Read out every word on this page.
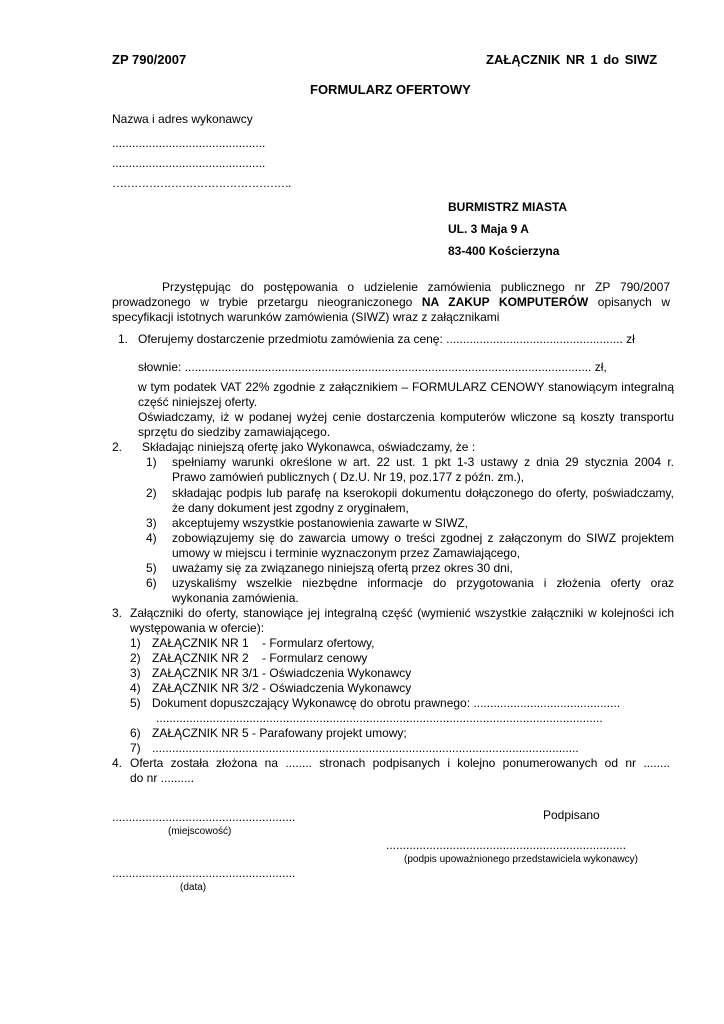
ZP 790/2007	ZAŁĄCZNIK NR 1 do SIWZ
FORMULARZ OFERTOWY
Nazwa i adres wykonawcy
..............................................
..............................................
………………………………………….
BURMISTRZ MIASTA
UL. 3 Maja 9 A
83-400 Kościerzyna
Przystępując do postępowania o udzielenie zamówienia publicznego nr ZP 790/2007
prowadzonego w trybie przetargu nieograniczonego NA ZAKUP KOMPUTERÓW opisanych w
specyfikacji istotnych warunków zamówienia (SIWZ) wraz z załącznikami
1. Oferujemy dostarczenie przedmiotu zamówienia za cenę: ..................................................... zł
słownie: .......................................................................................................................... zł,
w tym podatek VAT 22% zgodnie z załącznikiem – FORMULARZ CENOWY stanowiącym integralną
część niniejszej oferty.
Oświadczamy, iż w podanej wyżej cenie dostarczenia komputerów wliczone są koszty transportu
sprzętu do siedziby zamawiającego.
2. Składając niniejszą ofertę jako Wykonawca, oświadczamy, że :
1) spełniamy warunki określone w art. 22 ust. 1 pkt 1-3 ustawy z dnia 29 stycznia 2004 r.
Prawo zamówień publicznych ( Dz.U. Nr 19, poz.177 z późn. zm.),
2) składając podpis lub parafę na kserokopii dokumentu dołączonego do oferty, poświadczamy,
że dany dokument jest zgodny z oryginałem,
3) akceptujemy wszystkie postanowienia zawarte w SIWZ,
4) zobowiązujemy się do zawarcia umowy o treści zgodnej z załączonym do SIWZ projektem
umowy w miejscu i terminie wyznaczonym przez Zamawiającego,
5) uważamy się za związanego niniejszą ofertą przez okres 30 dni,
6) uzyskaliśmy wszelkie niezbędne informacje do przygotowania i złożenia oferty oraz
wykonania zamówienia.
3. Załączniki do oferty, stanowiące jej integralną część (wymienić wszystkie załączniki w kolejności ich
występowania w ofercie):
1) ZAŁĄCZNIK NR 1    - Formularz ofertowy,
2) ZAŁĄCZNIK NR 2    - Formularz cenowy
3) ZAŁĄCZNIK NR 3/1 - Oświadczenia Wykonawcy
4) ZAŁĄCZNIK NR 3/2 - Oświadczenia Wykonawcy
5) Dokument dopuszczający Wykonawcę do obrotu prawnego: ............................................
......................................................................................................................................
6) ZAŁĄCZNIK NR 5 - Parafowany projekt umowy;
7) ................................................................................................................................
4. Oferta została złożona na ........ stronach podpisanych i kolejno ponumerowanych od nr ........
do nr ..........
.......................................................
(miejscowość)
Podpisano
........................................................................
(podpis upoważnionego przedstawiciela wykonawcy)
.......................................................
(data)
